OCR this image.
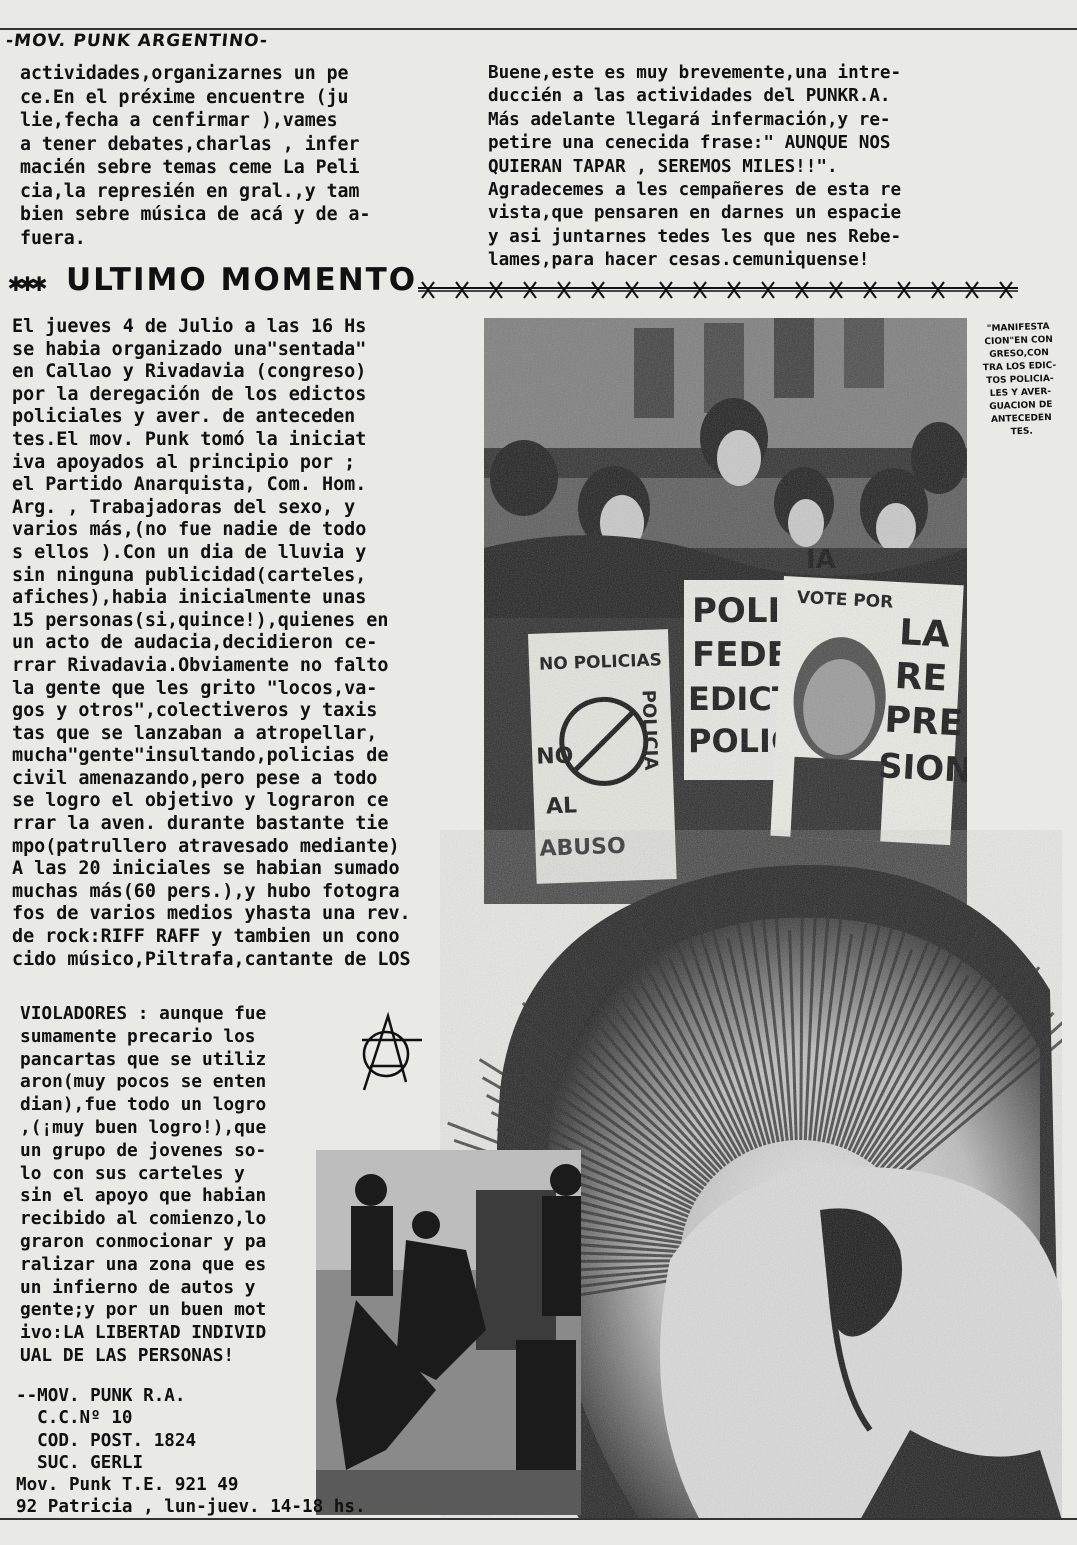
-MOV. PUNK ARGENTINO-
actividades,organizarnes un pe
ce.En el préxime encuentre (ju
lie,fecha a cenfirmar ),vames
a tener debates,charlas , infer
macién sebre temas ceme La Peli
cia,la represién en gral.,y tam
bien sebre música de acá y de a-
fuera.
Buene,este es muy brevemente,una intre-
duccién a las actividades del PUNKR.A.
Más adelante llegará infermación,y re-
petire una cenecida frase:" AUNQUE NOS
QUIERAN TAPAR , SEREMOS MILES!!".
Agradecemes a les cempañeres de esta re
vista,que pensaren en darnes un espacie
y asi juntarnes tedes les que nes Rebe-
lames,para hacer cesas.cemuniquense!
✱✱✱ ULTIMO MOMENTO
"MANIFESTA
CION"EN CON
GRESO,CON
TRA LOS EDIC-
TOS POLICIA-
LES Y AVER-
GUACION DE
ANTECEDEN
TES.
El jueves 4 de Julio a las 16 Hs
se habia organizado una"sentada"
en Callao y Rivadavia (congreso)
por la deregación de los edictos
policiales y aver. de anteceden
tes.El mov. Punk tomó la iniciat
iva apoyados al principio por ;
el Partido Anarquista, Com. Hom.
Arg. , Trabajadoras del sexo, y
varios más,(no fue nadie de todo
s ellos ).Con un dia de lluvia y
sin ninguna publicidad(carteles,
afiches),habia inicialmente unas
15 personas(si,quince!),quienes en
un acto de audacia,decidieron ce-
rrar Rivadavia.Obviamente no falto
la gente que les grito "locos,va-
gos y otros",colectiveros y taxis
tas que se lanzaban a atropellar,
mucha"gente"insultando,policias de
civil amenazando,pero pese a todo
se logro el objetivo y lograron ce
rrar la aven. durante bastante tie
mpo(patrullero atravesado mediante)
A las 20 iniciales se habian sumado
muchas más(60 pers.),y hubo fotogra
fos de varios medios yhasta una rev.
de rock:RIFF RAFF y tambien un cono
cido músico,Piltrafa,cantante de LOS
VIOLADORES : aunque fue
sumamente precario los
pancartas que se utiliz
aron(muy pocos se enten
dian),fue todo un logro
,(¡muy buen logro!),que
un grupo de jovenes so-
lo con sus carteles y
sin el apoyo que habian
recibido al comienzo,lo
graron conmocionar y pa
ralizar una zona que es
un infierno de autos y
gente;y por un buen mot
ivo:LA LIBERTAD INDIVID
UAL DE LAS PERSONAS!
--MOV. PUNK R.A.
C.C.Nº 10
COD. POST. 1824
SUC. GERLI
Mov. Punk T.E. 921 49
92 Patricia , lun-juev. 14-18 hs.
